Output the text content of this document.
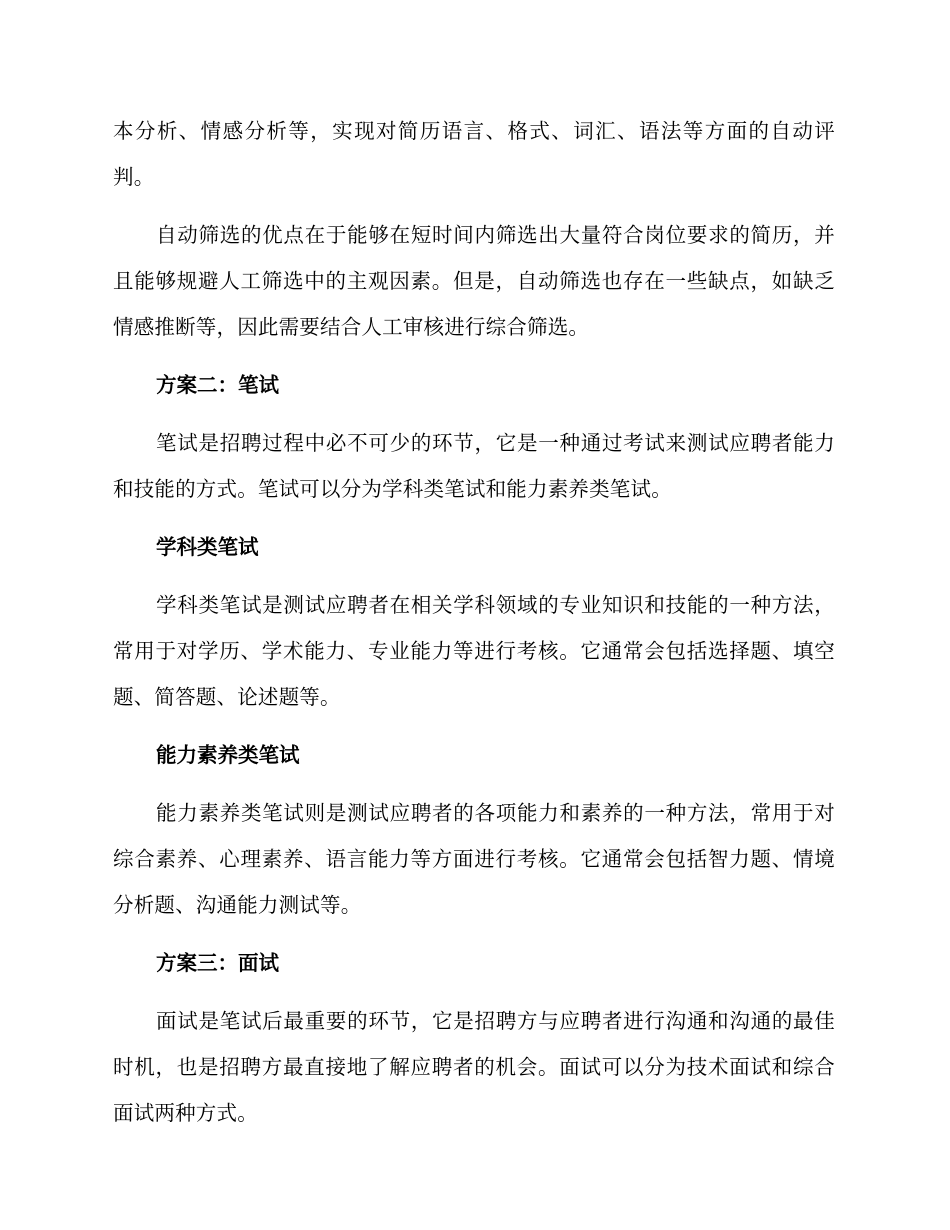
本分析、情感分析等，实现对简历语言、格式、词汇、语法等方面的自动评判。

自动筛选的优点在于能够在短时间内筛选出大量符合岗位要求的简历，并且能够规避人工筛选中的主观因素。但是，自动筛选也存在一些缺点，如缺乏情感推断等，因此需要结合人工审核进行综合筛选。

方案二：笔试

笔试是招聘过程中必不可少的环节，它是一种通过考试来测试应聘者能力和技能的方式。笔试可以分为学科类笔试和能力素养类笔试。

学科类笔试

学科类笔试是测试应聘者在相关学科领域的专业知识和技能的一种方法，常用于对学历、学术能力、专业能力等进行考核。它通常会包括选择题、填空题、简答题、论述题等。

能力素养类笔试

能力素养类笔试则是测试应聘者的各项能力和素养的一种方法，常用于对综合素养、心理素养、语言能力等方面进行考核。它通常会包括智力题、情境分析题、沟通能力测试等。

方案三：面试

面试是笔试后最重要的环节，它是招聘方与应聘者进行沟通和沟通的最佳时机，也是招聘方最直接地了解应聘者的机会。面试可以分为技术面试和综合面试两种方式。
